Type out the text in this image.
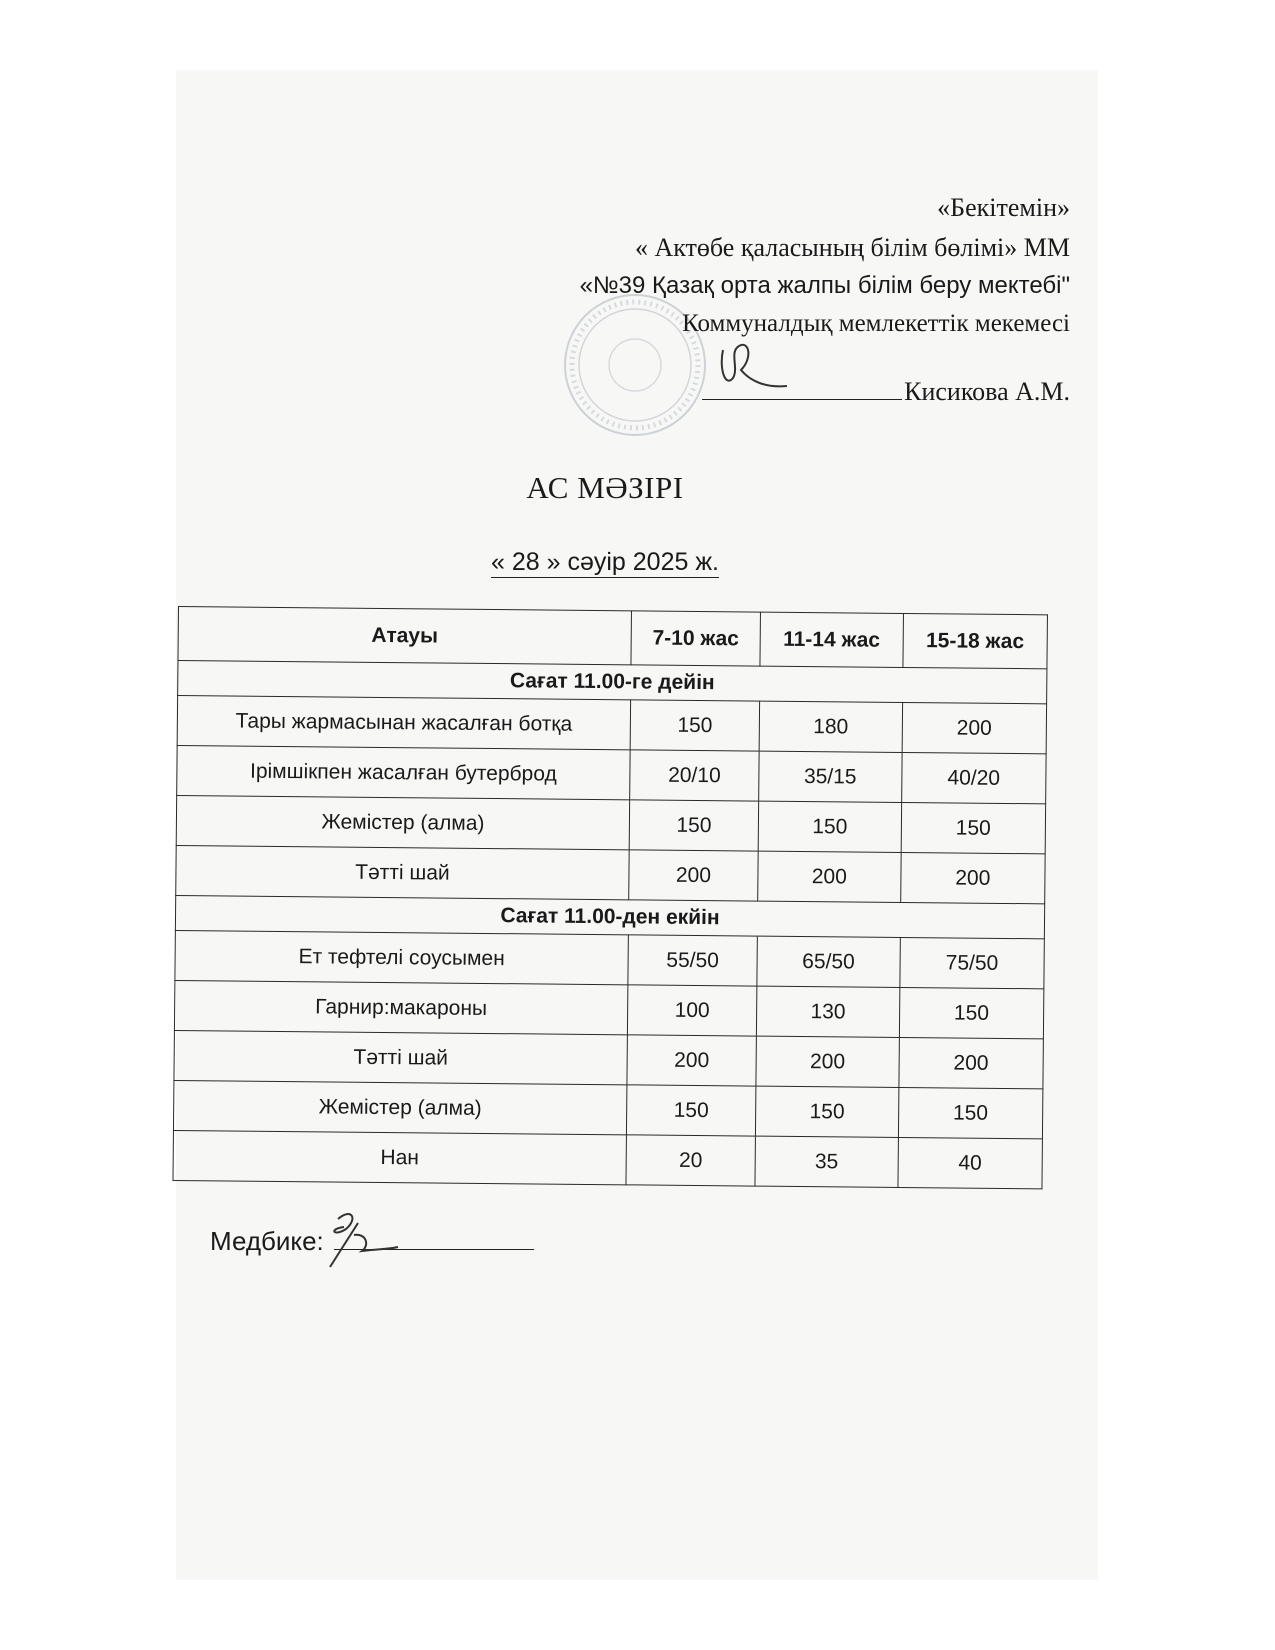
«Бекітемін»
« Актөбе қаласының білім бөлімі» ММ
«№39 Қазақ орта жалпы білім беру мектебі"
Коммуналдық мемлекеттік мекемесі
Кисикова А.М.
АС МӘЗІРІ
« 28 » сәуір 2025 ж.
Атауы	7-10 жас	11-14 жас	15-18 жас
Сағат 11.00-ге дейін			
Тары жармасынан жасалған ботқа	150	180	200
Ірімшікпен жасалған бутерброд	20/10	35/15	40/20
Жемістер (алма)	150	150	150
Тәтті шай	200	200	200
Сағат 11.00-ден екйін			
Ет тефтелі соусымен	55/50	65/50	75/50
Гарнир:макароны	100	130	150
Тәтті шай	200	200	200
Жемістер (алма)	150	150	150
Нан	20	35	40
Медбике:
